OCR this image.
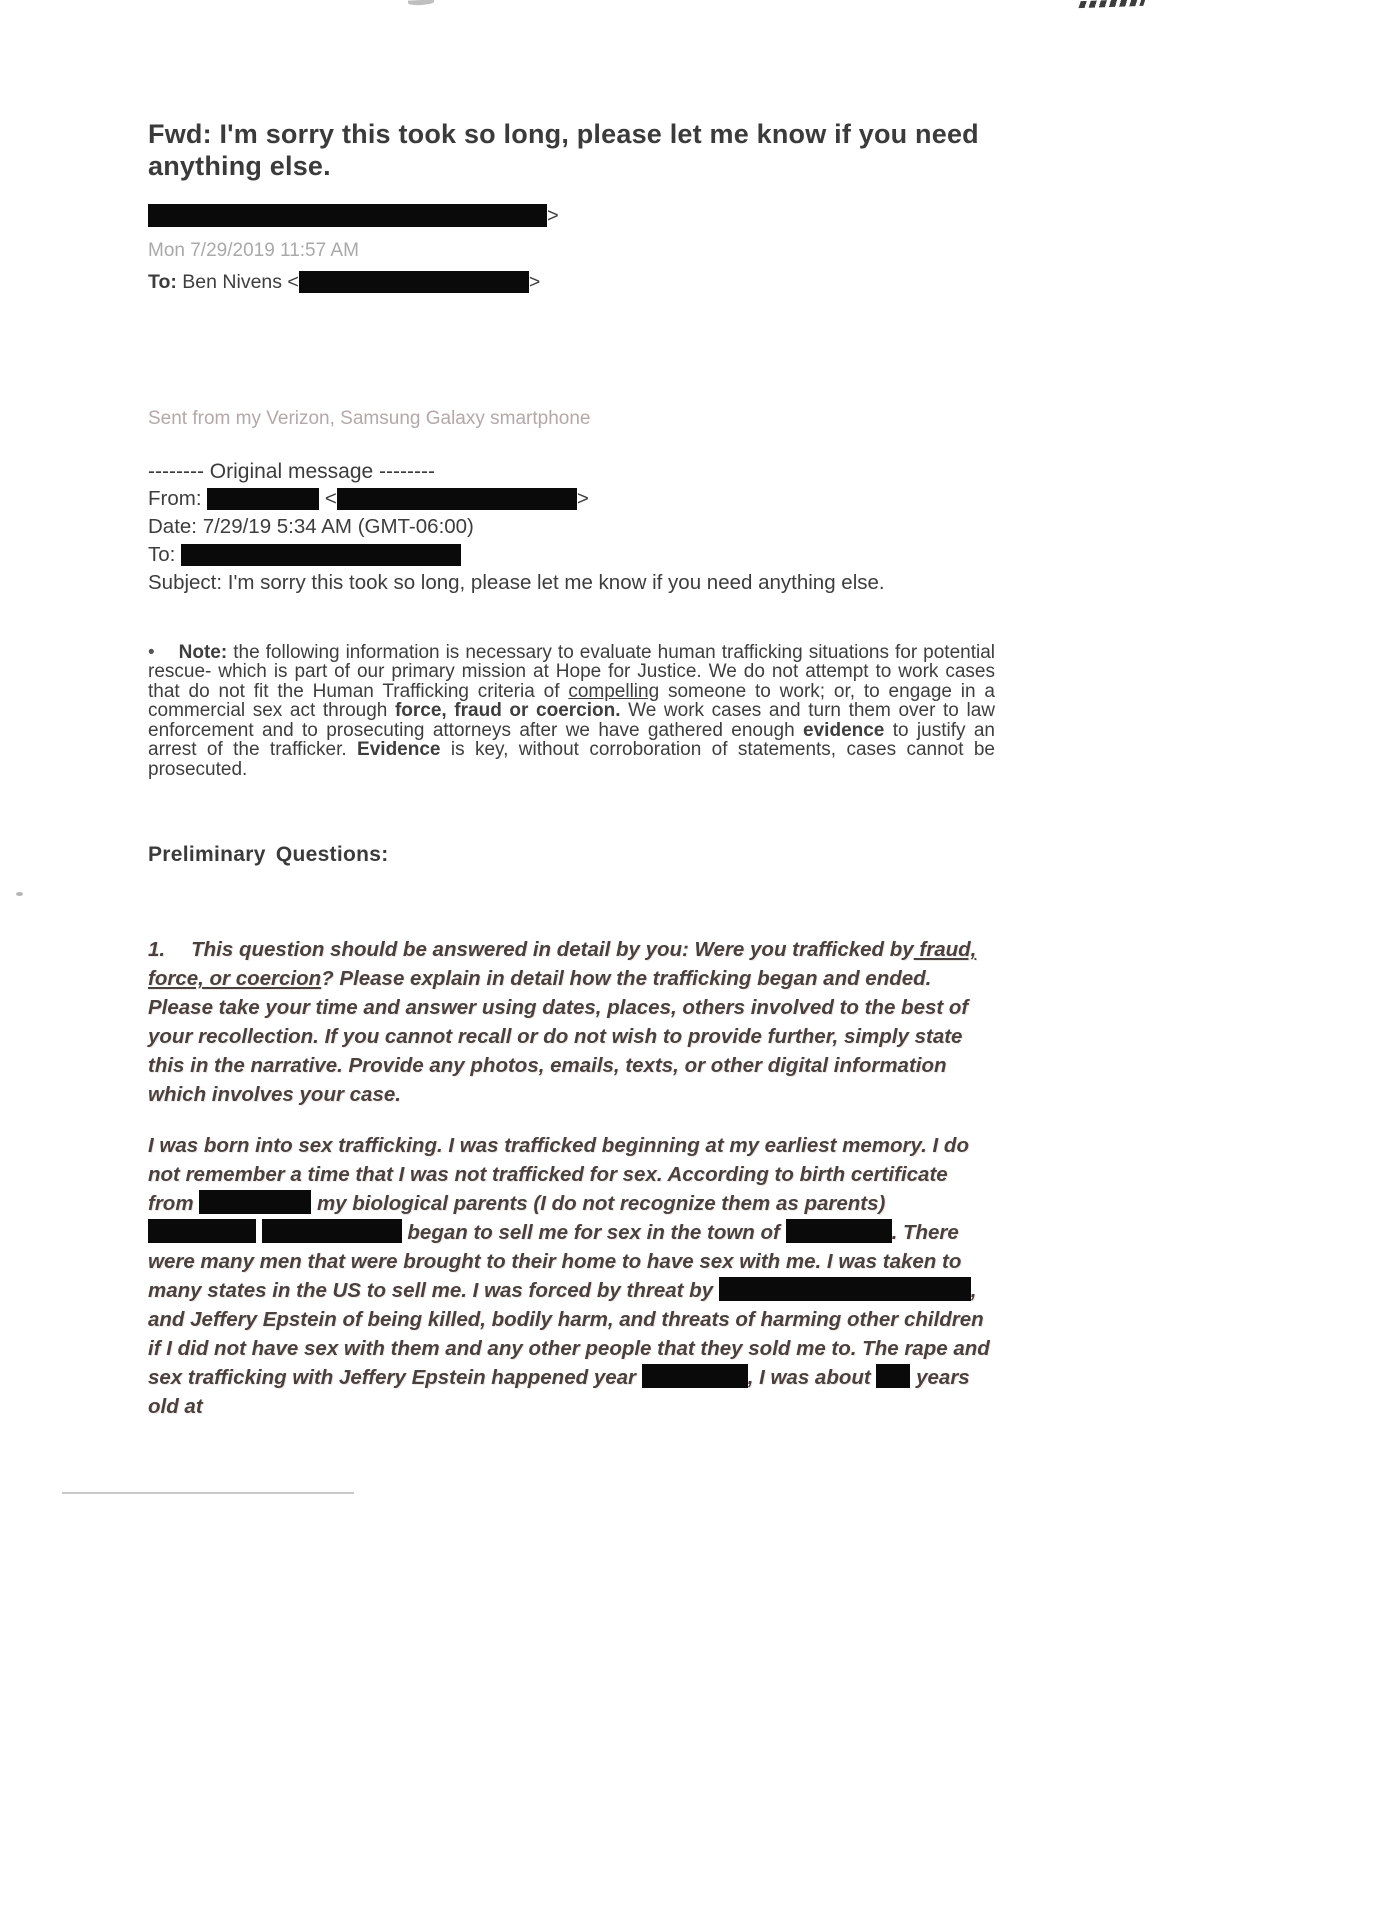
Fwd: I'm sorry this took so long, please let me know if you need anything else.
>
Mon 7/29/2019 11:57 AM
To: Ben Nivens <	>
Sent from my Verizon, Samsung Galaxy smartphone
-------- Original message --------
From:	<	>
Date: 7/29/19 5:34 AM (GMT-06:00)
To:
Subject: I'm sorry this took so long, please let me know if you need anything else.

• Note: the following information is necessary to evaluate human trafficking situations for potential rescue- which is part of our primary mission at Hope for Justice. We do not attempt to work cases that do not fit the Human Trafficking criteria of compelling someone to work; or, to engage in a commercial sex act through force, fraud or coercion. We work cases and turn them over to law enforcement and to prosecuting attorneys after we have gathered enough evidence to justify an arrest of the trafficker. Evidence is key, without corroboration of statements, cases cannot be prosecuted.

Preliminary Questions:

1. This question should be answered in detail by you: Were you trafficked by fraud, force, or coercion? Please explain in detail how the trafficking began and ended. Please take your time and answer using dates, places, others involved to the best of your recollection. If you cannot recall or do not wish to provide further, simply state this in the narrative. Provide any photos, emails, texts, or other digital information which involves your case.

I was born into sex trafficking. I was trafficked beginning at my earliest memory. I do not remember a time that I was not trafficked for sex. According to birth certificate from	my biological parents (I do not recognize them as parents)   began to sell me for sex in the town of	. There were many men that were brought to their home to have sex with me. I was taken to many states in the US to sell me. I was forced by threat by	, and Jeffery Epstein of being killed, bodily harm, and threats of harming other children if I did not have sex with them and any other people that they sold me to. The rape and sex trafficking with Jeffery Epstein happened year	, I was about  years old at
